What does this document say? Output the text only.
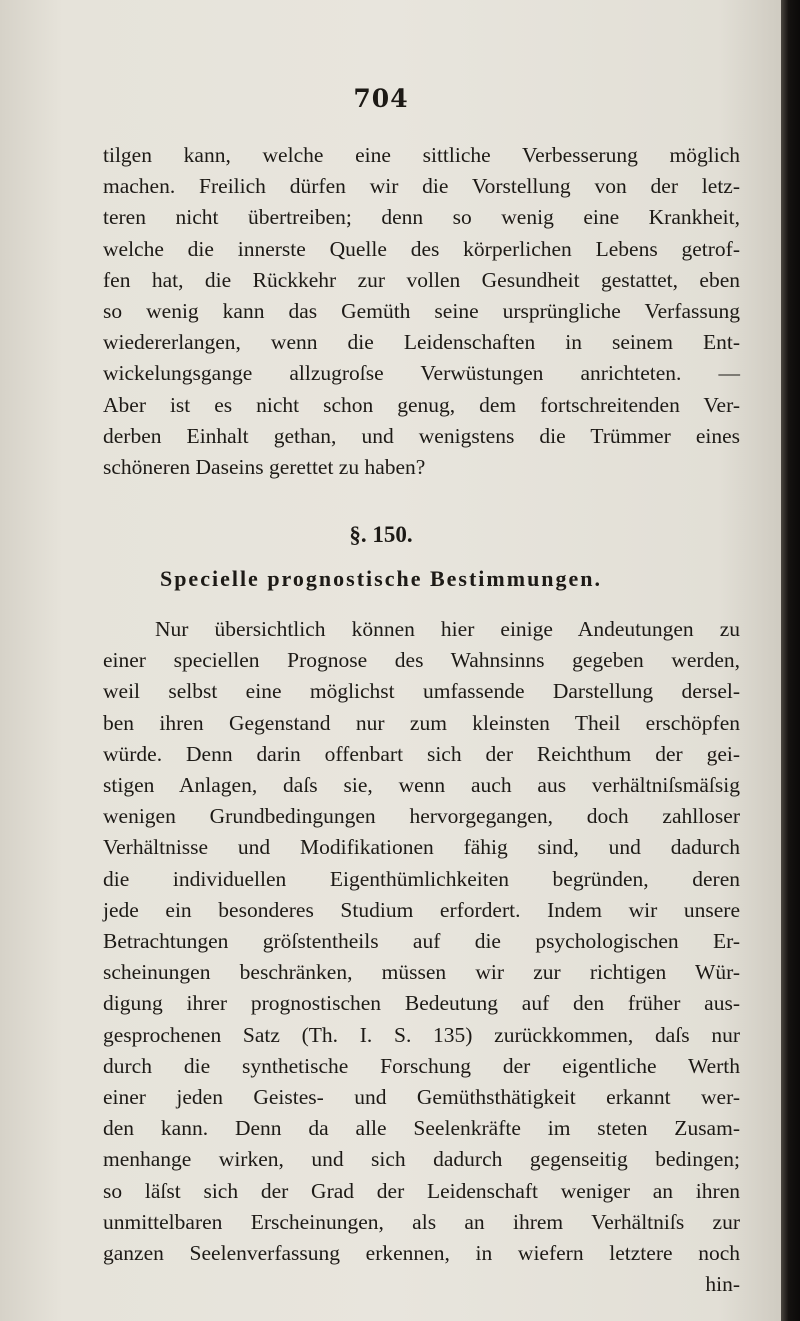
704
tilgen kann, welche eine sittliche Verbesserung möglich
machen. Freilich dürfen wir die Vorstellung von der letz-
teren nicht übertreiben; denn so wenig eine Krankheit,
welche die innerste Quelle des körperlichen Lebens getrof-
fen hat, die Rückkehr zur vollen Gesundheit gestattet, eben
so wenig kann das Gemüth seine ursprüngliche Verfassung
wiedererlangen, wenn die Leidenschaften in seinem Ent-
wickelungsgange allzugroſse Verwüstungen anrichteten. —
Aber ist es nicht schon genug, dem fortschreitenden Ver-
derben Einhalt gethan, und wenigstens die Trümmer eines
schöneren Daseins gerettet zu haben?
§. 150.
Specielle prognostische Bestimmungen.
Nur übersichtlich können hier einige Andeutungen zu
einer speciellen Prognose des Wahnsinns gegeben werden,
weil selbst eine möglichst umfassende Darstellung dersel-
ben ihren Gegenstand nur zum kleinsten Theil erschöpfen
würde. Denn darin offenbart sich der Reichthum der gei-
stigen Anlagen, daſs sie, wenn auch aus verhältniſsmäſsig
wenigen Grundbedingungen hervorgegangen, doch zahlloser
Verhältnisse und Modifikationen fähig sind, und dadurch
die individuellen Eigenthümlichkeiten begründen, deren
jede ein besonderes Studium erfordert. Indem wir unsere
Betrachtungen gröſstentheils auf die psychologischen Er-
scheinungen beschränken, müssen wir zur richtigen Wür-
digung ihrer prognostischen Bedeutung auf den früher aus-
gesprochenen Satz (Th. I. S. 135) zurückkommen, daſs nur
durch die synthetische Forschung der eigentliche Werth
einer jeden Geistes- und Gemüthsthätigkeit erkannt wer-
den kann. Denn da alle Seelenkräfte im steten Zusam-
menhange wirken, und sich dadurch gegenseitig bedingen;
so läſst sich der Grad der Leidenschaft weniger an ihren
unmittelbaren Erscheinungen, als an ihrem Verhältniſs zur
ganzen Seelenverfassung erkennen, in wiefern letztere noch
hin-
